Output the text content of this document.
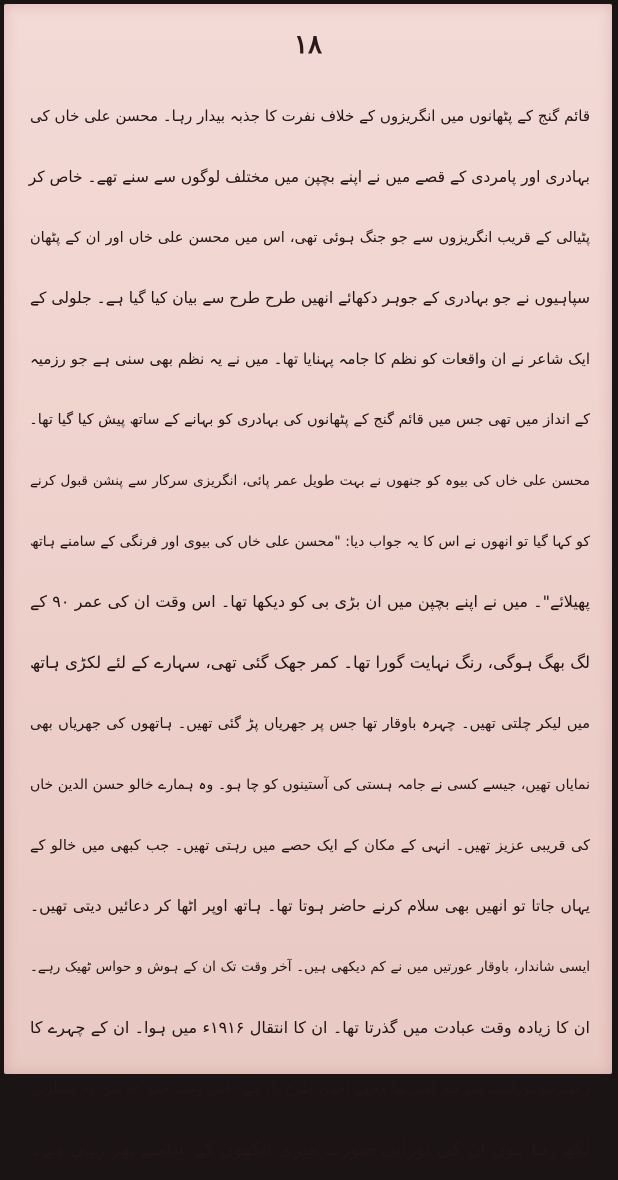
۱۸
قائم گنج کے پٹھانوں میں انگریزوں کے خلاف نفرت کا جذبہ بیدار رہا۔ محسن علی خاں کی
بہادری اور پامردی کے قصے میں نے اپنے بچپن میں مختلف لوگوں سے سنے تھے۔ خاص کر
پٹیالی کے قریب انگریزوں سے جو جنگ ہوئی تھی، اس میں محسن علی خاں اور ان کے پٹھان
سپاہیوں نے جو بہادری کے جوہر دکھائے انھیں طرح طرح سے بیان کیا گیا ہے۔ جلولی کے
ایک شاعر نے ان واقعات کو نظم کا جامہ پہنایا تھا۔ میں نے یہ نظم بھی سنی ہے جو رزمیہ
کے انداز میں تھی جس میں قائم گنج کے پٹھانوں کی بہادری کو بہانے کے ساتھ پیش کیا گیا تھا۔
محسن علی خاں کی بیوہ کو جنھوں نے بہت طویل عمر پائی، انگریزی سرکار سے پنشن قبول کرنے
کو کہا گیا تو انھوں نے اس کا یہ جواب دیا: "محسن علی خاں کی بیوی اور فرنگی کے سامنے ہاتھ
پھیلائے"۔ میں نے اپنے بچپن میں ان بڑی بی کو دیکھا تھا۔ اس وقت ان کی عمر ۹۰ کے
لگ بھگ ہوگی، رنگ نہایت گورا تھا۔ کمر جھک گئی تھی، سہارے کے لئے لکڑی ہاتھ
میں لیکر چلتی تھیں۔ چہرہ باوقار تھا جس پر جھریاں پڑ گئی تھیں۔ ہاتھوں کی جھریاں بھی
نمایاں تھیں، جیسے کسی نے جامہ ہستی کی آستینوں کو چا ہو۔ وہ ہمارے خالو حسن الدین خاں
کی قریبی عزیز تھیں۔ انہی کے مکان کے ایک حصے میں رہتی تھیں۔ جب کبھی میں خالو کے
یہاں جاتا تو انھیں بھی سلام کرنے حاضر ہوتا تھا۔ ہاتھ اوپر اٹھا کر دعائیں دیتی تھیں۔
ایسی شاندار، باوقار عورتیں میں نے کم دیکھی ہیں۔ آخر وقت تک ان کے ہوش و حواس ٹھیک رہے۔
ان کا زیادہ وقت عبادت میں گذرتا تھا۔ ان کا انتقال ۱۹۱۶ء میں ہوا۔ ان کے چہرے کا
رعب جو نورانیت سے ہم آمیز تھا مجھے اچھی طرح یاد ہے۔ اس وقت جب کہ میں یہ سطریں
لکھ رہا ہوں ان کی نورانی صورت میری آنکھوں کے سامنے پھر رہی ہے۔
